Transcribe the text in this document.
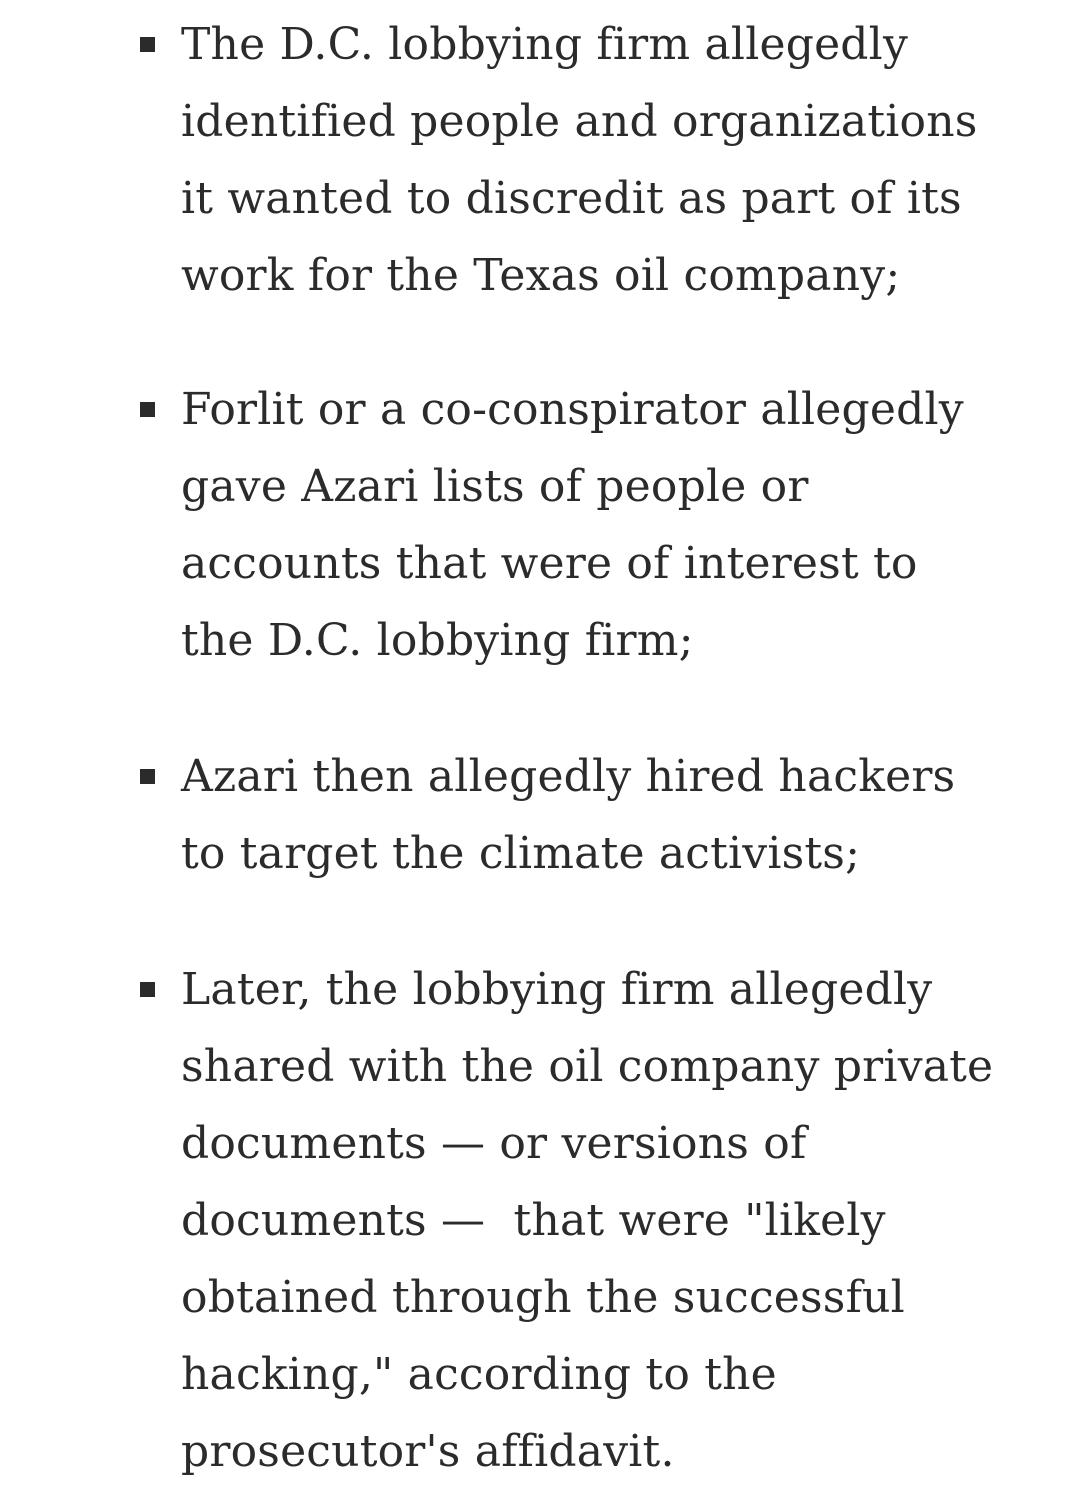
The D.C. lobbying firm allegedly
identified people and organizations
it wanted to discredit as part of its
work for the Texas oil company;

Forlit or a co-conspirator allegedly
gave Azari lists of people or
accounts that were of interest to
the D.C. lobbying firm;

Azari then allegedly hired hackers
to target the climate activists;

Later, the lobbying firm allegedly
shared with the oil company private
documents — or versions of
documents —  that were "likely
obtained through the successful
hacking," according to the
prosecutor's affidavit.
